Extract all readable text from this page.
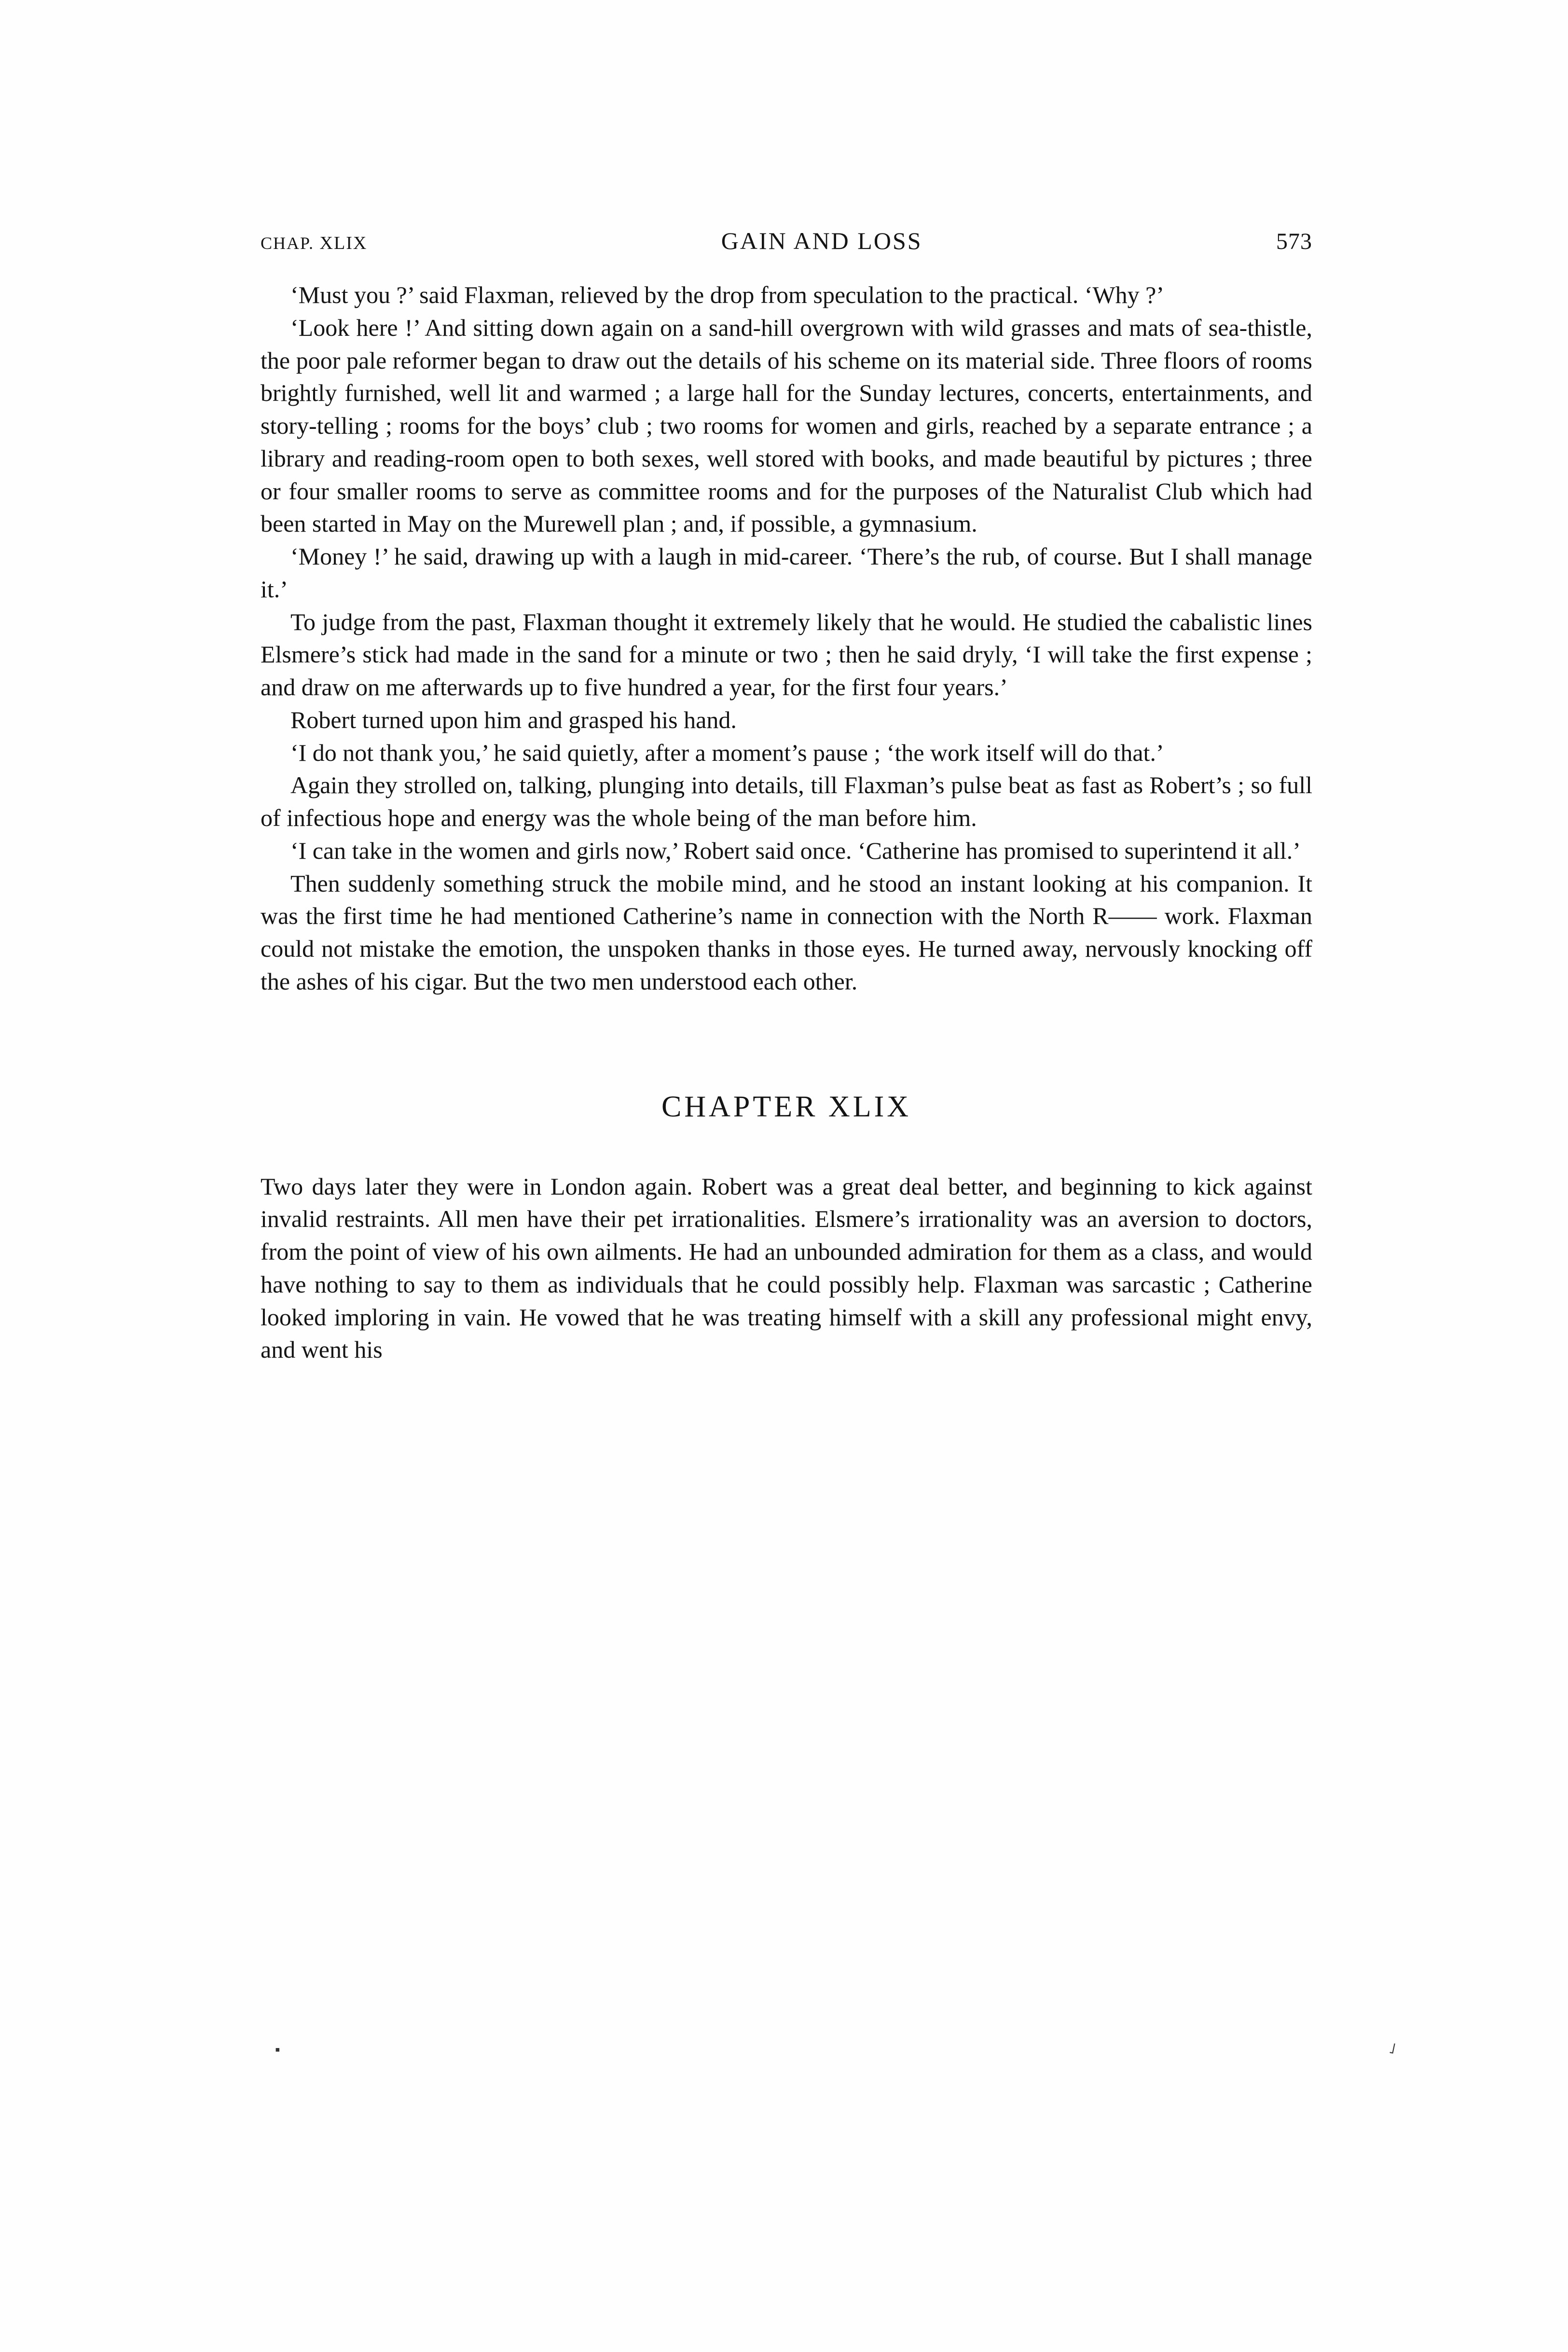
CHAP. XLIX	GAIN AND LOSS	573

‘Must you ?’ said Flaxman, relieved by the drop from speculation to the practical. ‘Why ?’

‘Look here !’ And sitting down again on a sand-hill overgrown with wild grasses and mats of sea-thistle, the poor pale reformer began to draw out the details of his scheme on its material side. Three floors of rooms brightly furnished, well lit and warmed ; a large hall for the Sunday lectures, concerts, entertainments, and story-telling ; rooms for the boys’ club ; two rooms for women and girls, reached by a separate entrance ; a library and reading-room open to both sexes, well stored with books, and made beautiful by pictures ; three or four smaller rooms to serve as committee rooms and for the purposes of the Naturalist Club which had been started in May on the Murewell plan ; and, if possible, a gymnasium.

‘Money !’ he said, drawing up with a laugh in mid-career. ‘There’s the rub, of course. But I shall manage it.’

To judge from the past, Flaxman thought it extremely likely that he would. He studied the cabalistic lines Elsmere’s stick had made in the sand for a minute or two ; then he said dryly, ‘I will take the first expense ; and draw on me afterwards up to five hundred a year, for the first four years.’

Robert turned upon him and grasped his hand.

‘I do not thank you,’ he said quietly, after a moment’s pause ; ‘the work itself will do that.’

Again they strolled on, talking, plunging into details, till Flaxman’s pulse beat as fast as Robert’s ; so full of infectious hope and energy was the whole being of the man before him.

‘I can take in the women and girls now,’ Robert said once. ‘Catherine has promised to superintend it all.’

Then suddenly something struck the mobile mind, and he stood an instant looking at his companion. It was the first time he had mentioned Catherine’s name in connection with the North R—— work. Flaxman could not mistake the emotion, the unspoken thanks in those eyes. He turned away, nervously knocking off the ashes of his cigar. But the two men understood each other.

CHAPTER XLIX

Two days later they were in London again. Robert was a great deal better, and beginning to kick against invalid restraints. All men have their pet irrationalities. Elsmere’s irrationality was an aversion to doctors, from the point of view of his own ailments. He had an unbounded admiration for them as a class, and would have nothing to say to them as individuals that he could possibly help. Flaxman was sarcastic ; Catherine looked imploring in vain. He vowed that he was treating himself with a skill any professional might envy, and went his

▪	˩
